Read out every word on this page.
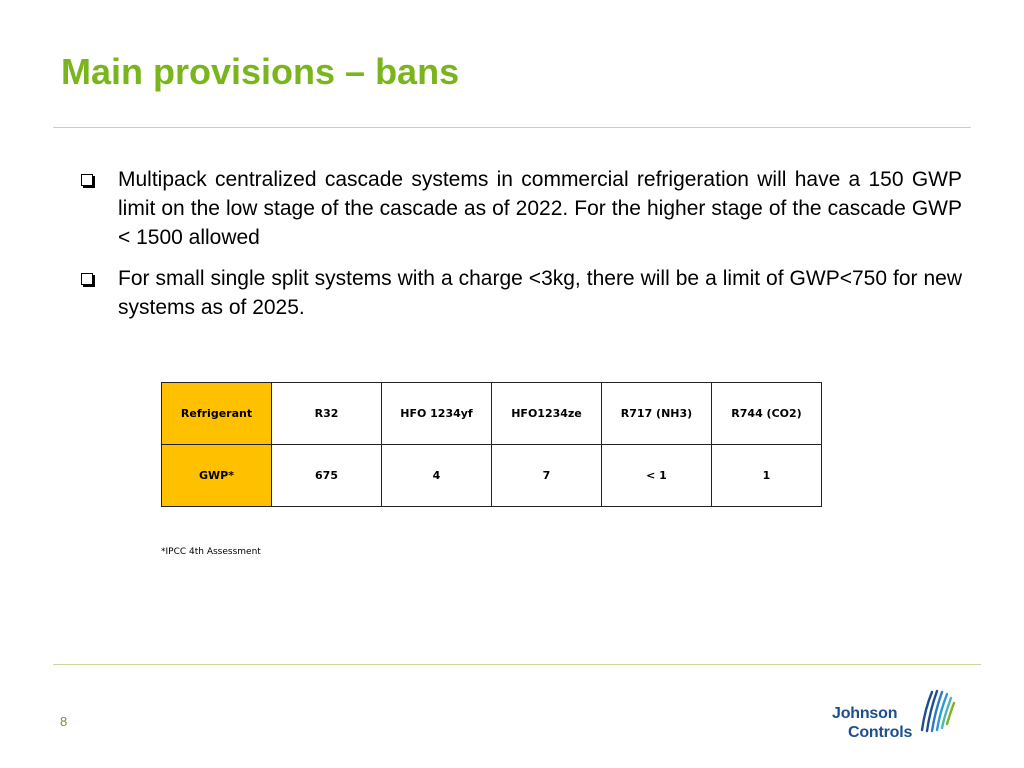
Main provisions – bans
Multipack centralized cascade systems in commercial refrigeration will have a 150 GWP limit on the low stage of the cascade as of 2022. For the higher stage of the cascade GWP < 1500 allowed
For small single split systems with a charge <3kg, there will be a limit of GWP<750 for new systems as of 2025.
Refrigerant	R32	HFO 1234yf	HFO1234ze	R717 (NH3)	R744 (CO2)
GWP*	675	4	7	< 1	1
*IPCC 4th Assessment
8	Johnson
Controls
